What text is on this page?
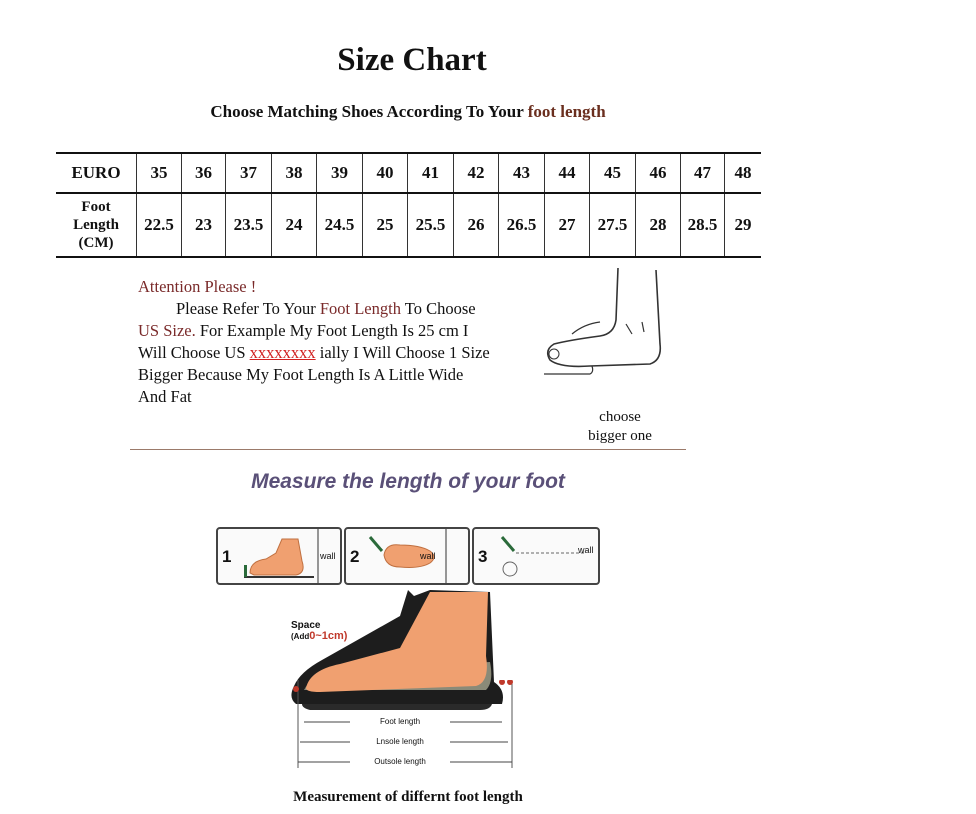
Size Chart
Choose Matching Shoes According To Your foot length
EURO	35	36	37	38	39	40	41	42	43	44	45	46	47	48

Foot
Length
(CM)	22.5	23	23.5	24	24.5	25	25.5	26	26.5	27	27.5	28	28.5	29
Attention Please !
Please Refer To Your Foot Length To Choose
US Size. For Example My Foot Length Is 25 cm I
Will Choose US xxxxxxxx ially I Will Choose 1 Size
Bigger Because My Foot Length Is A Little Wide
And Fat
choose
bigger one
Measure the length of your foot
1	wall 2	wall 3	wall
Space
(Add0~1cm)
Foot length
Lnsole length
Outsole length
Measurement of differnt foot length
